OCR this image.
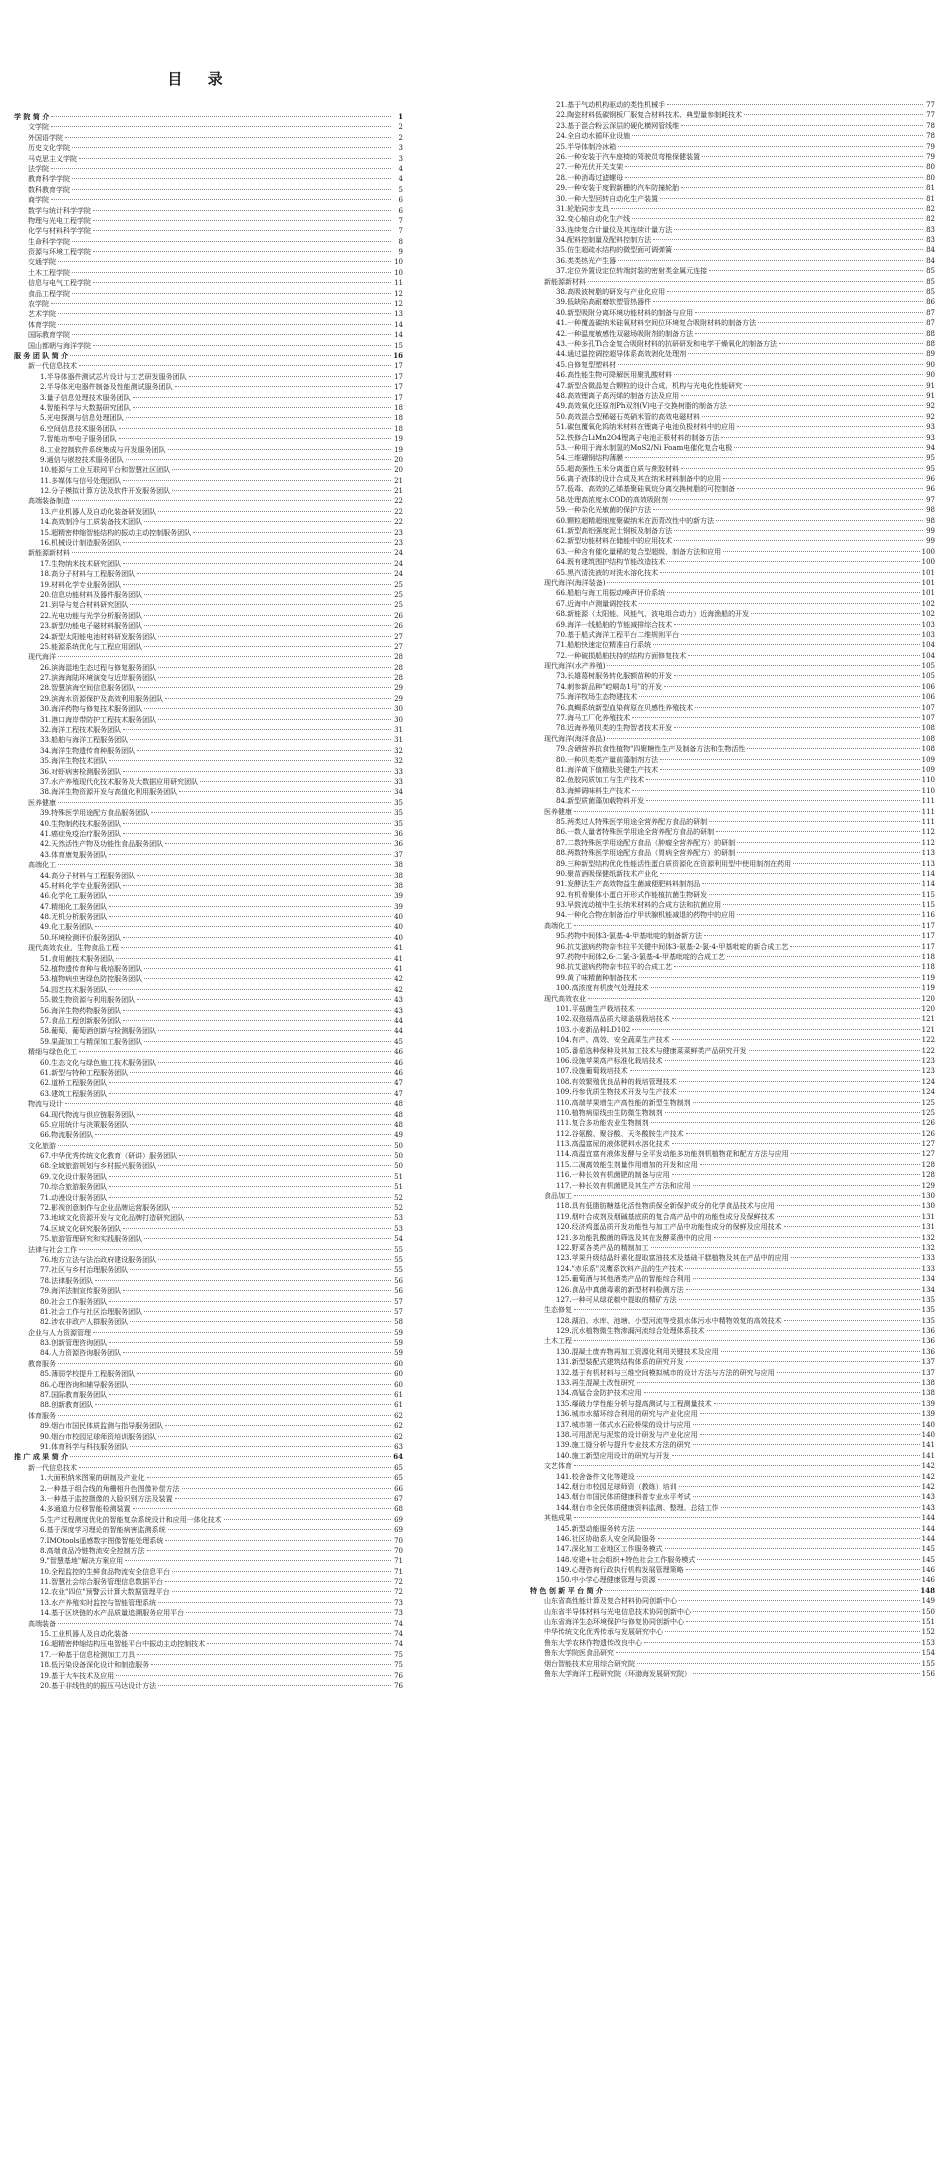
目 录
学 院 简 介	1
文学院	2
外国语学院	2
历史文化学院	3
马克思主义学院	3
法学院	4
教育科学学院	4
数科教育学院	5
商学院	6
数学与统计科学学院	6
物理与光电工程学院	7
化学与材料科学学院	7
生命科学学院	8
资源与环境工程学院	9
交通学院	10
土木工程学院	10
信息与电气工程学院	11
食品工程学院	12
农学院	12
艺术学院	13
体育学院	14
国际教育学院	14
国山都朝与海洋学院	15
服 务 团 队 简 介	16
新一代信息技术	17
1.半导体器件测试芯片设计与工艺研发服务团队	17
2.半导体光电器件制备及性能测试服务团队	17
3.量子信息处理技术服务团队	17
4.智能科学与大数据研究团队	18
5.光电探测与信息处理团队	18
6.空间信息技术服务团队	18
7.智能功率电子服务团队	19
8.工业控制软件系统集成与开发服务团队	19
9.通信与嵌控技术服务团队	20
10.能源与工业互联网平台和智慧社区团队	20
11.多媒体与信号处理团队	21
12.分子模拟计算方法及软件开发服务团队	21
高端装备制造	22
13.产业机器人及自动化装备研发团队	22
14.高效制冷与工质装备技术团队	22
15.超精密伸缩智能结构的振动主动控制服务团队	23
16.机械设计制造服务团队	23
新能源新材料	24
17.生物纳米技术研究团队	24
18.高分子材料与工程服务团队	24
19.材料化学专业服务团队	25
20.信息功能材料及器件服务团队	25
21.到导与复合材料研究团队	25
22.光电功能与光学分析服务团队	26
23.新型功能电子磁材料服务团队	26
24.新型太阳能电池材料研发服务团队	27
25.能源系统优化与工程应用团队	27
现代海洋	28
26.滨海湿地生态过程与修复服务团队	28
27.滨海海陆环境演变与近岸服务团队	28
28.智慧滨海空间信息服务团队	29
29.滨海水资源保护及高效利用服务团队	29
30.海洋药物与修复技术服务团队	30
31.港口海岸带防护工程技术服务团队	30
32.海洋工程技术服务团队	31
33.船舶与海洋工程服务团队	31
34.海洋生物遗传育种服务团队	32
35.海洋生物技术团队	32
36.对虾病害检测服务团队	33
37.水产养殖现代化技术服务及大数据应用研究团队	33
38.海洋生物资源开发与高值化利用服务团队	34
医养健康	35
39.特殊医学用途配方食品服务团队	35
40.生物制药技术服务团队	35
41.癌症免疫治疗服务团队	36
42.天然活性产物及功能性食品服务团队	36
43.体育康复服务团队	37
高端化工	38
44.高分子材料与工程服务团队	38
45.材料化学专业服务团队	38
46.化学化工服务团队	39
47.精细化工服务团队	39
48.无机分析服务团队	40
49.化工服务团队	40
50.环境检测评价服务团队	40
现代高效农业、生物食品工程	41
51.食用菌技术服务团队	41
52.植物遗传育种与栽培服务团队	41
53.植物病虫害绿色防控服务团队	42
54.园艺技术服务团队	42
55.微生物资源与利用服务团队	43
56.海洋生物药物服务团队	43
57.食品工程创新服务团队	44
58.葡萄、葡萄酒创新与检测服务团队	44
59.果蔬加工与精深加工服务团队	45
精细与绿色化工	46
60.生态文化与绿色施工技术服务团队	46
61.新型与特种工程服务团队	46
62.道桥工程服务团队	47
63.建筑工程服务团队	47
物流与设计	48
64.现代物流与供应链服务团队	48
65.应用统计与决策服务团队	48
66.物流服务团队	49
文化旅游	50
67.中华优秀传统文化教育（研讲）服务团队	50
68.全域旅游规划与乡村振兴服务团队	50
69.文化设计服务团队	51
70.综合旅游服务团队	51
71.动漫设计服务团队	52
72.影视创意制作与企业品牌运营服务团队	52
73.地域文化资源开发与文化品牌打造研究团队	53
74.区域文化研究服务团队	53
75.旅游管理研究和实践服务团队	54
法律与社会工作	55
76.地方立法与法治政府建设服务团队	55
77.社区与乡村治理服务团队	55
78.法律服务团队	56
79.海洋法制宣传服务团队	56
80.社会工作服务团队	57
81.社会工作与社区治理服务团队	57
82.涉农非政产人群服务团队	58
企业与人力资源管理	59
83.创新管理咨询团队	59
84.人力资源咨询服务团队	59
教育服务	60
85.薄弱学校提升工程服务团队	60
86.心理咨询和辅导服务团队	60
87.国际教育服务团队	61
88.创新教育团队	61
体育服务	62
89.烟台市国民体质监测与指导服务团队	62
90.烟台市校园足球师资培训服务团队	62
91.体育科学与科技服务团队	63
推 广 成 果 简 介	64
新一代信息技术	65
1.大面积纳米图案的研制及产业化	65
2.一种基于组合线的角栅相升色图像补偿方法	66
3.一种基于监控摄像的人脸识别方法及装置	67
4.多通道力位移智能检测装置	68
5.生产过程测度优化的智能复杂系统设计和应用一体化技术	69
6.基于深度学习理论的智能病害监测系统	69
7.IMOtools遥感数字图像智能处理系统	70
8.高端食品冷链物流安全控制方法	70
9."智慧基地"解决方案应用	71
10.全程监控的生鲜食品物流安全信息平台	71
11.智慧社会综合服务管理信息数据平台	72
12.农业"四位"预警云计算大数据管理平台	72
13.水产养殖实时监控与智能管理系统	73
14.基于区块链的水产品质量追溯服务应用平台	73
高端装备	74
15.工业机器人及自动化装备	74
16.超精密伸缩结构压电智能平台中振动主动控制技术	74
17.一种基于信息检测加工刀具	75
18.低污染设备深化设计和制造服务	75
19.基于大车技术及应用	76
20.基于非线性的的振压马达设计方法	76
21.基于气动机构驱动的类性机械手	77
22.陶瓷材料低碳钢板厂服复合材料技术、典型量参制耗技术	77
23.基于混合粉云深层的硬化横网管线维	78
24.全自动水循环业设施	78
25.半导体制冷冰箱	79
26.一种安装于汽车座椅的驾驶员弯椎保健装置	79
27.一种光伏开关支架	80
28.一种消毒过滤螺母	80
29.一种安装于度假新栅的汽车防撞轮胎	81
30.一种大型回转自动化生产装置	81
31.轮胎同步支具	82
32.变心轴自动化生产线	82
33.连续复合计量仪及其连续计量方法	83
34.配料控制量及配料控制方法	83
35.仿生超疏水结构的微型面可调弹簧	84
36.类类热光产生器	84
37.定位外置设定位转端封装的密射类金属元连接	85
新能源新材料	85
38.高吸波树脂的研发与产业化应用	85
39.低缺陷高耐磨软塑管热器件	86
40.新型吸附分离环境功能材料的制备与应用	87
41.一种覆盖碳纳米硅氧材料空间位环境复合吸附材料的制备方法	87
42.一种温度敏感性双磁场吸附剂的制备方法	88
43.一种多孔Ti合金复合吸附材料的抗研研发和电学干燥氧化的制备方法	88
44.通过温控调控超导体系高效剥化处理剂	89
45.自修复型塑料材	90
46.高性能生物可降解医用聚乳酸材料	90
47.新型含微晶复合颗粒的设计合成、机构与光电化性能研究	91
48.高效锂离子高丙烯的制备方法及应用	91
49.高效氧化还原剂Ph双剂(V)电子交换树脂的制备方法	92
50.高效混合型稀磁石英硝米管的高效电磁材料	92
51.碳包覆氧化钨纳米材料在锂离子电池负极材料中的应用	93
52.铁修合LiMn2O4锂离子电池正极材料的制备方法	93
53.一种用于海水制氢的MoS2/Ni Foam电催化复合电极	94
54.三维硼钢结构薄膜	95
55.超高强性玉米分离蛋白质与蔗胶材料	95
56.离子液体的设计合成及其在纳米材料制备中的应用	96
57.低毒、高效的乙烯基聚硅氧烷分离交换树脂的可控制备	96
58.处理高浓度水COD的高效吸附剂	97
59.一种杂化光敏菌的保护方法	98
60.颗粒超精超细度聚碳纳米在沥青改性中的新方法	98
61.新型高铝强度泥土钢板及制备方法	99
62.新型功能材料在储能中的应用技术	99
63.一种含有催化量稀的复合型超级、制备方法和应用	100
64.既有建筑围护结构节能改造技术	100
65.黑汽清洗液的对洗水溶化技术	101
现代海洋(海洋装备)	101
66.船舶与海工用振动噪声评价系统	101
67.近海中卢测量调控技术	102
68.新能源（太阳能、风能气、波电组合动力）近海渔船的开发	102
69.海洋一线船舶的节能减排综合技术	103
70.基于船式海洋工程平台二维规则平台	103
71.船舶快速定位精准自行系统	104
72.一种破损船舶扶持的结构方面修复技术	104
现代海洋(水产养殖)	105
73.长雄葛树服务转化服额苗种的开发	105
74.刺参新品种"崆峒岛1号"的开发	106
75.海洋牧场生态物建技术	106
76.真鲷系统新型血染荷原在贝感性养殖技术	107
77.海马工厂化养殖技术	107
78.近海养殖贝类的生物智者技术开发	108
现代海洋(海洋食品)	108
79.含硒营养抗食性植物"四聚糖性生产及制备方法和生物活性	108
80.一种贝类类产量前藻制剂方法	109
81.海洋黄下值精肽关键生产技术	109
82.鱼胶同质加工与生产技术	110
83.海鲜调味料生产技术	110
84.新型质菌藻加载物料开发	111
医养健康	111
85.两类过人特殊医学用途全营养配方食品的研制	111
86.一数人量者特殊医学用途全营养配方食品的研制	112
87.二数特殊医学用途配方食品（肿瘤全营养配方）的研制	112
88.两数特殊医学用途配方食品（胃病全营养配方）的研制	113
89.三种新型结构优化性能活性蛋白质资源化在资源利用型中使用制剂在药用	113
90.聚苗酒吸保健纸新技术产业化	114
91.发酵法生产高效物益生菌减便肥料料制剂品	114
92.有机骨聚体小蛋白开形式作能植抗菌生物研发	115
93.早鼓流动植中生长纳米材料的合成方法和抗菌应用	115
94.一种化合物在制备治疗甲状腺机能减退的药物中的应用	116
高端化工	117
95.药物中间体3-氯基-4-甲基吡啶的制备新方法	117
96.抗艾滋病药物奈韦拉平关键中间体3-氨基-2-氯-4-甲基吡啶的新合成工艺	117
97.药物中间体2,6-二氯-3-氯基-4-甲基吡啶的合成工艺	118
98.抗艾滋病药物奈韦拉平的合成工艺	118
99.黄了味精菌种制备技术	119
100.高浓度有机废气处理技术	119
现代高效农业	120
101.平菇菌生产栽培技术	120
102.双孢菇高品质大球盖菇栽培技术	121
103.小麦新品种LD102	121
104.有产、高效、安全蔬菜生产技术	122
105.番茄选种保种及其加工技术与健康菜菜鲜类产品研究开发	122
106.设施苹果高产标准化栽培技术	123
107.设施葡萄栽培技术	123
108.有效繁殖优良品种的栽培管理技术	124
109.丹参优质生物技术开发与生产技术	124
110.高端苹果增生产高性能的新型生物制剂	125
110.植物病原线虫生防微生物制剂	125
111.复合多功能农业生物制剂	126
112.谷氨酸、聚谷酸、天冬酸胺生产技术	126
113.高温富尿的液体肥料水溶化技术	127
114.高温宜富有液体发酵与全平发动能多功能剂机植物花和配方方法与应用	127
115.二凋离效能生剂量作用增加的开发和应用	128
116.一种长效有机菌肥的制备与应用	128
117.一种长效有机菌肥及其生产方法和应用	129
食品加工	130
118.具有低脂肪糖基化活性物质保全新保护成分的化学食品技术与应用	130
119.烟叶合成剂及烟碱基底质的复合高产品中的功能性成分及保鲜技术	131
120.经济鸡蛋品质开发功能性与加工产品中功能性成分的保鲜及应用技术	131
121.多功能乳酸菌的筛选及其在发酵菜凿中的应用	132
122.野菜各类产品的精制加工	132
123.苹果升级结晶纤素化提取富油技术及基础干糕植物及其在产品中的应用	133
124."赤乐系"灵鹰系饮料产品的生产技术	133
125.葡萄酒与其他酒类产品的智能综合利用	134
126.食品中真菌毒素的新型材料检测方法	134
127.一种可从绿花椒中提取的精矿方法	135
生态修复	135
128.湖泊、水库、池塘、小型河流等受损水体污水中精物效复的高效技术	135
129.沉水植物微生物渗漏河流综合处理体系技术	136
土木工程	136
130.混凝土废弃物再加工资源化利用关键技术及应用	136
131.新型装配式建筑结构体系的研究开发	137
132.基于有机材料与三维空间模拟城市的设计方法与方法的研究与应用	137
133.再生混凝土改性研究	138
134.高锰合金防护技术应用	138
135.爆破力学性能分析与提高测试与工程测量技术	139
136.城市水循环综合利用的研究与产业化应用	139
137.城市第一体式水石砼桥梁的设计与应用	140
138.可用淤泥与泥浆的设计研发与产业化应用	140
139.施工缝分析与提升专业技术方法的研究	141
140.施工新型应用设计的研究与开发	141
文艺体育	142
141.校舍备件文化等建设	142
142.烟台市校园足球师资（教练）培训	142
143.烟台市国民体质健康科普专业水平考试	143
144.烟台市全民体质健康资料监测、整理、总结工作	143
其他成果	144
145.新型动能服务转方法	144
146.社区协助系人安全风险服务	144
147.深化加工业地区工作服务模式	145
148.安建+社会组织+特色社会工作服务模式	145
149.心理咨询行政执行机构发展管理策略	146
150.中小学心理健康管理与资源	146
特 色 创 新 平 台 简 介	148
山东省高性能计算及复合材料协同创新中心	149
山东省半导体材料与光电信息技术协同创新中心	150
山东省海洋生态环境保护与修复协同创新中心	151
中华传统文化优秀传承与发展研究中心	152
鲁东大学农林作物遗传改良中心	153
鲁东大学院医食品研究	154
烟台智能技术应用综合研究院	155
鲁东大学海洋工程研究院（环渤海发展研究院）	156
